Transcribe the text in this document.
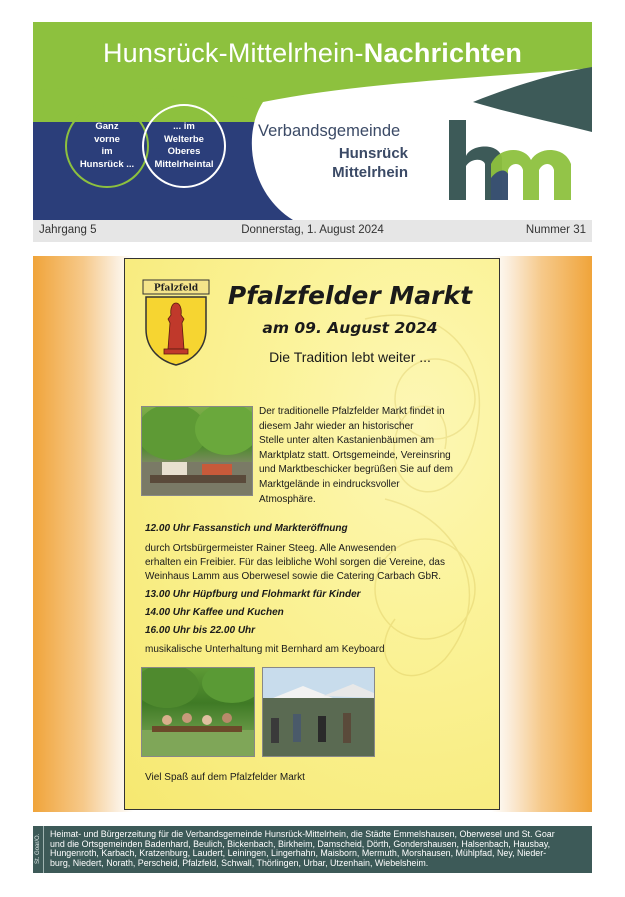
Hunsrück-Mittelrhein-Nachrichten
Ganz
vorne
im
Hunsrück ...
... im
Welterbe
Oberes
Mittelrheintal
Verbandsgemeinde
Hunsrück
Mittelrhein
Jahrgang 5	Donnerstag, 1. August 2024	Nummer 31
Pfalzfeld	Pfalzfelder Markt
am 09. August 2024
Die Tradition lebt weiter ...
Der traditionelle Pfalzfelder Markt findet in
diesem Jahr wieder an historischer
Stelle unter alten Kastanienbäumen am
Marktplatz statt. Ortsgemeinde, Vereinsring
und Marktbeschicker begrüßen Sie auf dem
Marktgelände in eindrucksvoller
Atmosphäre.
12.00 Uhr Fassanstich und Markteröffnung
durch Ortsbürgermeister Rainer Steeg. Alle Anwesenden
erhalten ein Freibier. Für das leibliche Wohl sorgen die Vereine, das
Weinhaus Lamm aus Oberwesel sowie die Catering Carbach GbR.
13.00 Uhr Hüpfburg und Flohmarkt für Kinder
14.00 Uhr Kaffee und Kuchen
16.00 Uhr bis 22.00 Uhr
musikalische Unterhaltung mit Bernhard am Keyboard
Viel Spaß auf dem Pfalzfelder Markt
St. Goar/O. Heimat- und Bürgerzeitung für die Verbandsgemeinde Hunsrück-Mittelrhein, die Städte Emmelshausen, Oberwesel und St. Goar
und die Ortsgemeinden Badenhard, Beulich, Bickenbach, Birkheim, Damscheid, Dörth, Gondershausen, Halsenbach, Hausbay,
Hungenroth, Karbach, Kratzenburg, Laudert, Leiningen, Lingerhahn, Maisborn, Mermuth, Morshausen, Mühlpfad, Ney, Nieder-
burg, Niedert, Norath, Perscheid, Pfalzfeld, Schwall, Thörlingen, Urbar, Utzenhain, Wiebelsheim.
